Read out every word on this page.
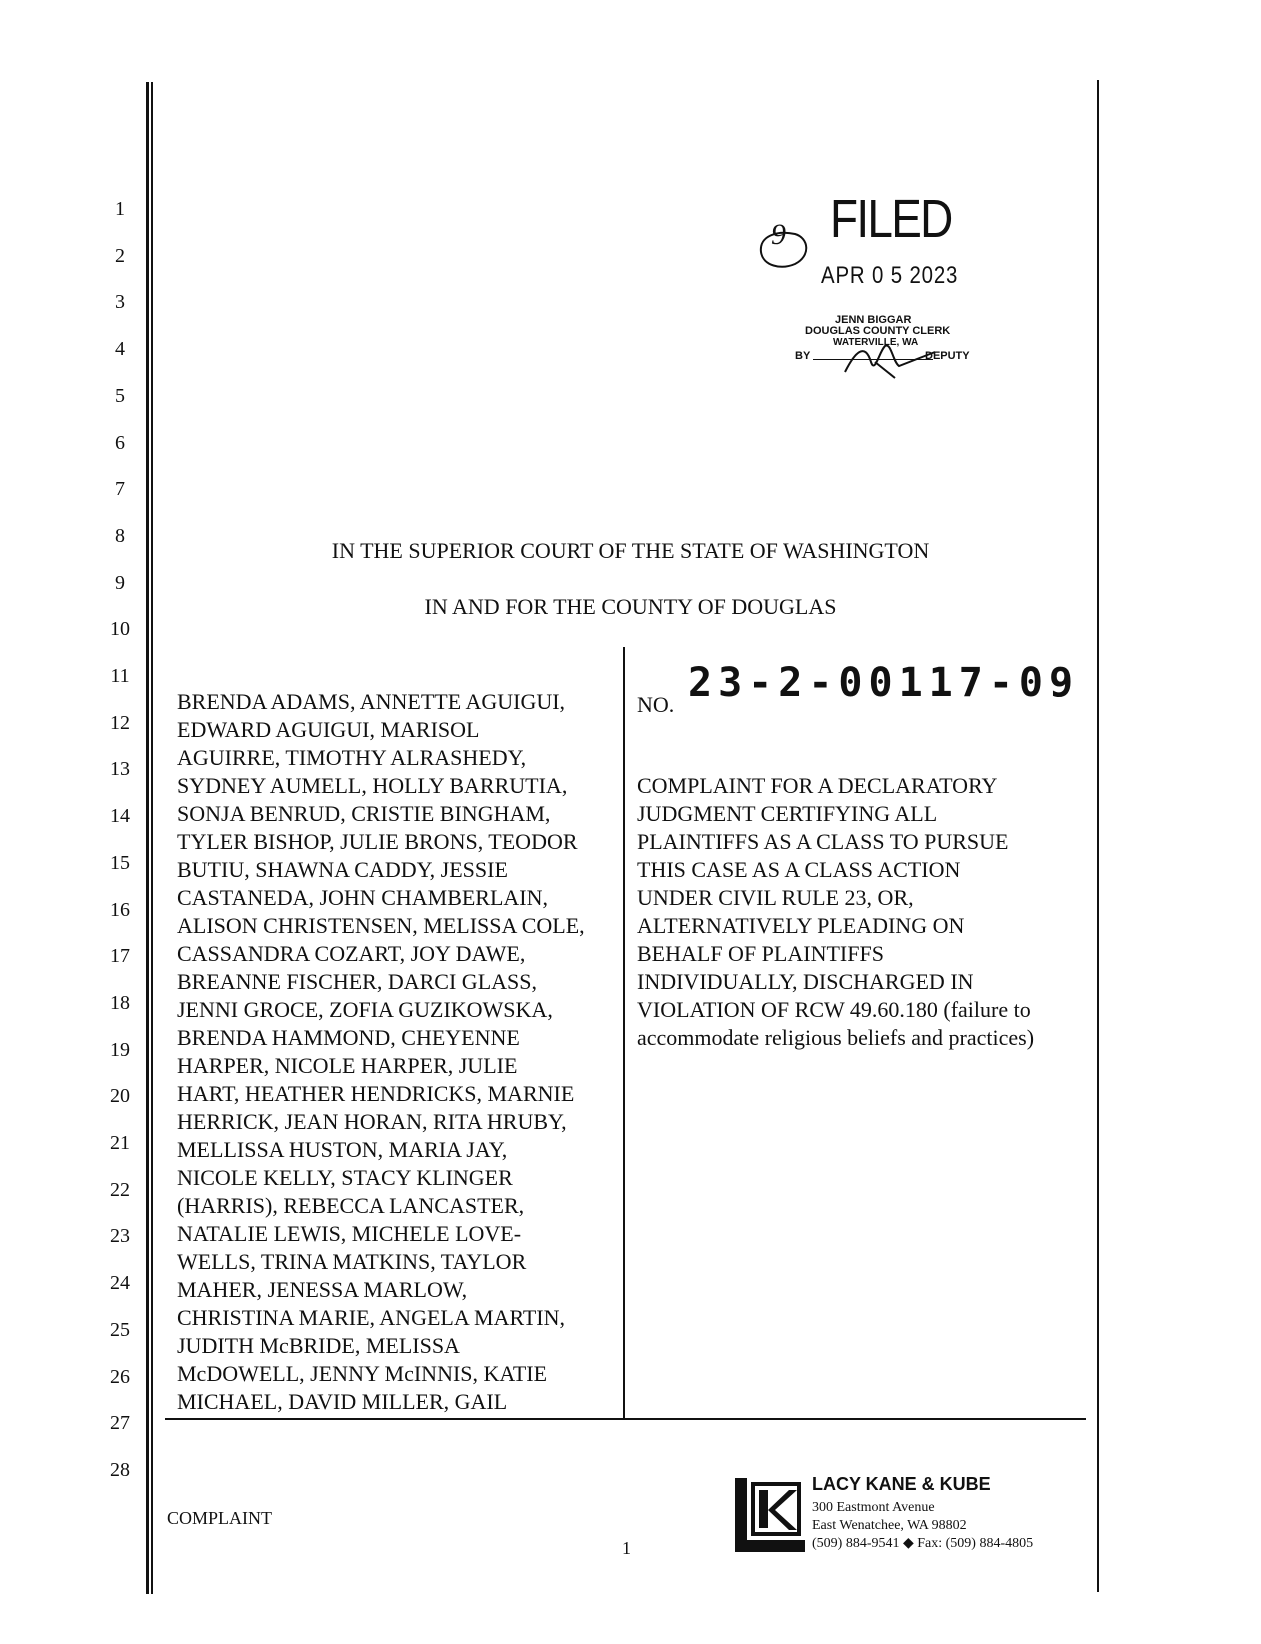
1
2
3
4
5
6
7
8
9
10
11
12
13
14
15
16
17
18
19
20
21
22
23
24
25
26
27
28
9 FILED
APR 0 5 2023
JENN BIGGAR
DOUGLAS COUNTY CLERK
WATERVILLE, WA
BY	DEPUTY
IN THE SUPERIOR COURT OF THE STATE OF WASHINGTON
IN AND FOR THE COUNTY OF DOUGLAS
BRENDA ADAMS, ANNETTE AGUIGUI,
EDWARD AGUIGUI, MARISOL
AGUIRRE, TIMOTHY ALRASHEDY,
SYDNEY AUMELL, HOLLY BARRUTIA,
SONJA BENRUD, CRISTIE BINGHAM,
TYLER BISHOP, JULIE BRONS, TEODOR
BUTIU, SHAWNA CADDY, JESSIE
CASTANEDA, JOHN CHAMBERLAIN,
ALISON CHRISTENSEN, MELISSA COLE,
CASSANDRA COZART, JOY DAWE,
BREANNE FISCHER, DARCI GLASS,
JENNI GROCE, ZOFIA GUZIKOWSKA,
BRENDA HAMMOND, CHEYENNE
HARPER, NICOLE HARPER, JULIE
HART, HEATHER HENDRICKS, MARNIE
HERRICK, JEAN HORAN, RITA HRUBY,
MELLISSA HUSTON, MARIA JAY,
NICOLE KELLY, STACY KLINGER
(HARRIS), REBECCA LANCASTER,
NATALIE LEWIS, MICHELE LOVE-
WELLS, TRINA MATKINS, TAYLOR
MAHER, JENESSA MARLOW,
CHRISTINA MARIE, ANGELA MARTIN,
JUDITH McBRIDE, MELISSA
McDOWELL, JENNY McINNIS, KATIE
MICHAEL, DAVID MILLER, GAIL
NO. 23-2-00117-09
COMPLAINT FOR A DECLARATORY
JUDGMENT CERTIFYING ALL
PLAINTIFFS AS A CLASS TO PURSUE
THIS CASE AS A CLASS ACTION
UNDER CIVIL RULE 23, OR,
ALTERNATIVELY PLEADING ON
BEHALF OF PLAINTIFFS
INDIVIDUALLY, DISCHARGED IN
VIOLATION OF RCW 49.60.180 (failure to
accommodate religious beliefs and practices)
COMPLAINT
1
LACY KANE & KUBE
300 Eastmont Avenue
East Wenatchee, WA 98802
(509) 884-9541 ◆ Fax: (509) 884-4805
